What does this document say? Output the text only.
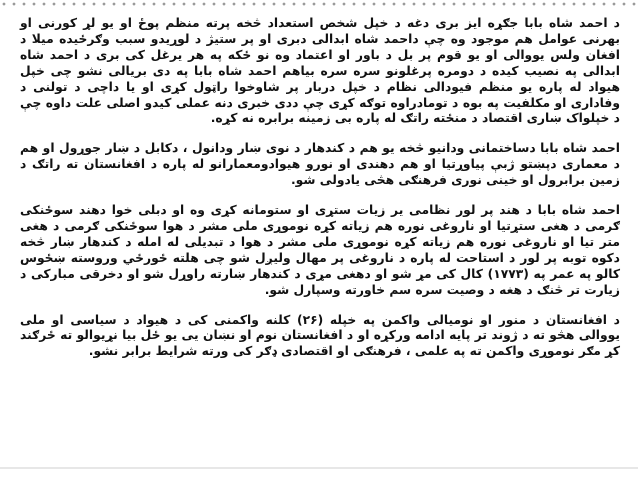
د احمد شاه بابا جګړه ایز بری دغه د خپل شخص استعداد څخه پرته منظم پوځ او یو لړ کورنی او بهرنی عوامل هم موجود وه چې داحمد شاه ابدالی دبری او پر ستیژ د لوړیدو سبب وګرځیده میلا د افغان ولس یووالی او یو قوم پر بل د باور او اعتماد وه نو ځکه په هر یرغل کی بری د احمد شاه ابدالی په نصیب کیده د دومره پرغلونو سره سره بیاهم احمد شاه بابا په دی بریالی نشو چی خپل هیواد له پاره یو منظم فیودالی نظام د خپل دربار پر شاوخوا راټول کړی او یا داچی د تولنی د وفاداری او مکلفیت په بوه د تومادراوه توګه کړی چې ددی خبری دنه عملی کیدو اصلی علت داوه چې د خپلواک ښاری اقتصاد د منځته راتګ له پاره بی زمینه برابره نه کړه.

احمد شاه بابا دساختمانی ودانیو څخه یو هم د کندهار د نوی ښار ودانول ، دکابل د ښار جوړول او هم د معماری دپښتو ژبې پیاوړتیا او هم دهندی او نورو هیوادومعمارانو له پاره د افغانستان ته راتګ د زمین برابرول او خینی نوری فرهنګی هڅی یادولی شو.

احمد شاه بابا د هند پر لور نظامی یر زیات ستړی او ستومانه کړی وه او دبلی خوا دهند سوځنکی ګرمی د هغی ستړتیا او ناروغی نوره هم زیاته کړه نوموړی ملی مشر د هوا سوځنکی ګرمی د هغی متر تیا او ناروغی نوره هم زیاته کړه نوموړی ملی مشر د هوا د تبدیلی له امله د کندهار ښار څخه دکوه توبه پر لور د استاحت له پاره د ناروغی پر مهال ولیږل شو چی هلته ځورځي وروسته ښځوس کالو په عمر په (۱۷۷۳) کال کی مړ شو او دهغی مړی د کندهار ښارته راوړل شو او دخرقی مبارکی د زیارت تر څنګ د هغه د وصیت سره سم خاورته وسپارل شو.

د افغانستان د منور او نومیالی واکمن په خپله (۲۶) کلنه واکمنی کی د هیواد د سیاسی او ملی یووالی هڅو ته د ژوند تر پایه ادامه ورکړه او د افغانستان نوم او نښان یی یو ځل بیا نړیوالو ته ځرګند کړ مګر نوموړی واکمن ته په علمی ، فرهنګی او اقتصادی ډګر کی ورته شرایط برابر نشو.
